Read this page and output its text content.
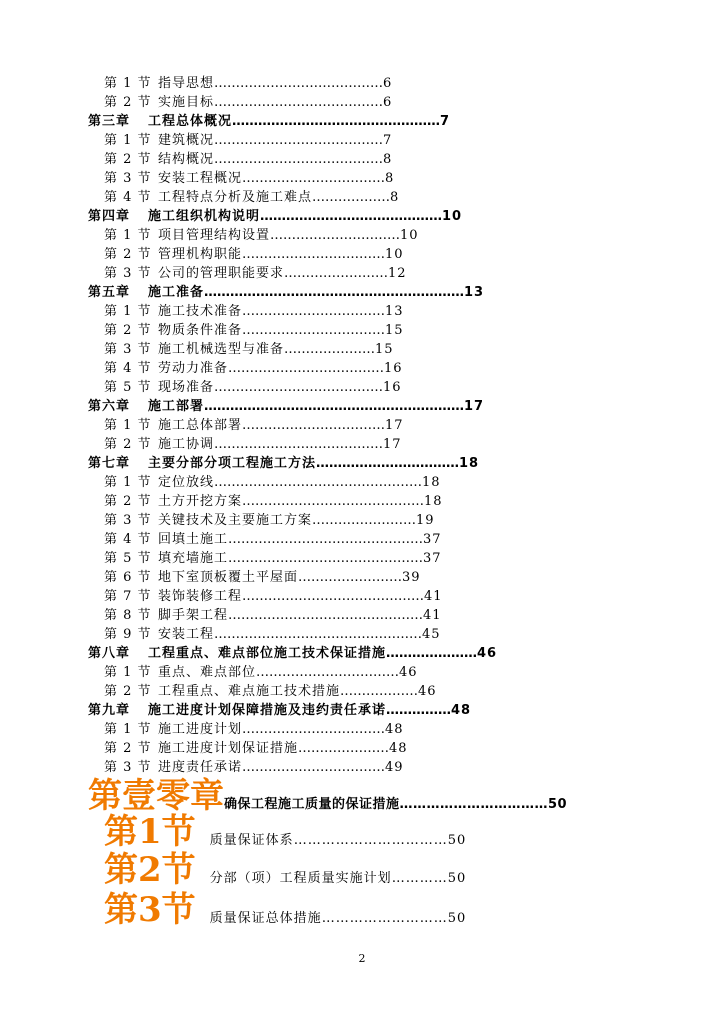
第 1 节 指导思想…………………………………6
第 2 节 实施目标…………………………………6
第三章 工程总体概况…………………………………………7
第 1 节 建筑概况…………………………………7
第 2 节 结构概况…………………………………8
第 3 节 安装工程概况……………………………8
第 4 节 工程特点分析及施工难点………………8
第四章 施工组织机构说明……………………………………10
第 1 节 项目管理结构设置…………………………10
第 2 节 管理机构职能……………………………10
第 3 节 公司的管理职能要求……………………12
第五章 施工准备……………………………………………………13
第 1 节 施工技术准备……………………………13
第 2 节 物质条件准备……………………………15
第 3 节 施工机械选型与准备…………………15
第 4 节 劳动力准备………………………………16
第 5 节 现场准备…………………………………16
第六章 施工部署……………………………………………………17
第 1 节 施工总体部署……………………………17
第 2 节 施工协调…………………………………17
第七章 主要分部分项工程施工方法……………………………18
第 1 节 定位放线…………………………………………18
第 2 节 土方开挖方案……………………………………18
第 3 节 关键技术及主要施工方案……………………19
第 4 节 回填土施工………………………………………37
第 5 节 填充墙施工………………………………………37
第 6 节 地下室顶板覆土平屋面……………………39
第 7 节 装饰装修工程……………………………………41
第 8 节 脚手架工程………………………………………41
第 9 节 安装工程…………………………………………45
第八章 工程重点、难点部位施工技术保证措施…………………46
第 1 节 重点、难点部位……………………………46
第 2 节 工程重点、难点施工技术措施………………46
第九章 施工进度计划保障措施及违约责任承诺……………48
第 1 节 施工进度计划……………………………48
第 2 节 施工进度计划保证措施…………………48
第 3 节 进度责任承诺……………………………49
第壹零章确保工程施工质量的保证措施……………………………50
第1节 质量保证体系……………………………50
第2节 分部（项）工程质量实施计划…………50
第3节 质量保证总体措施………………………50
2
